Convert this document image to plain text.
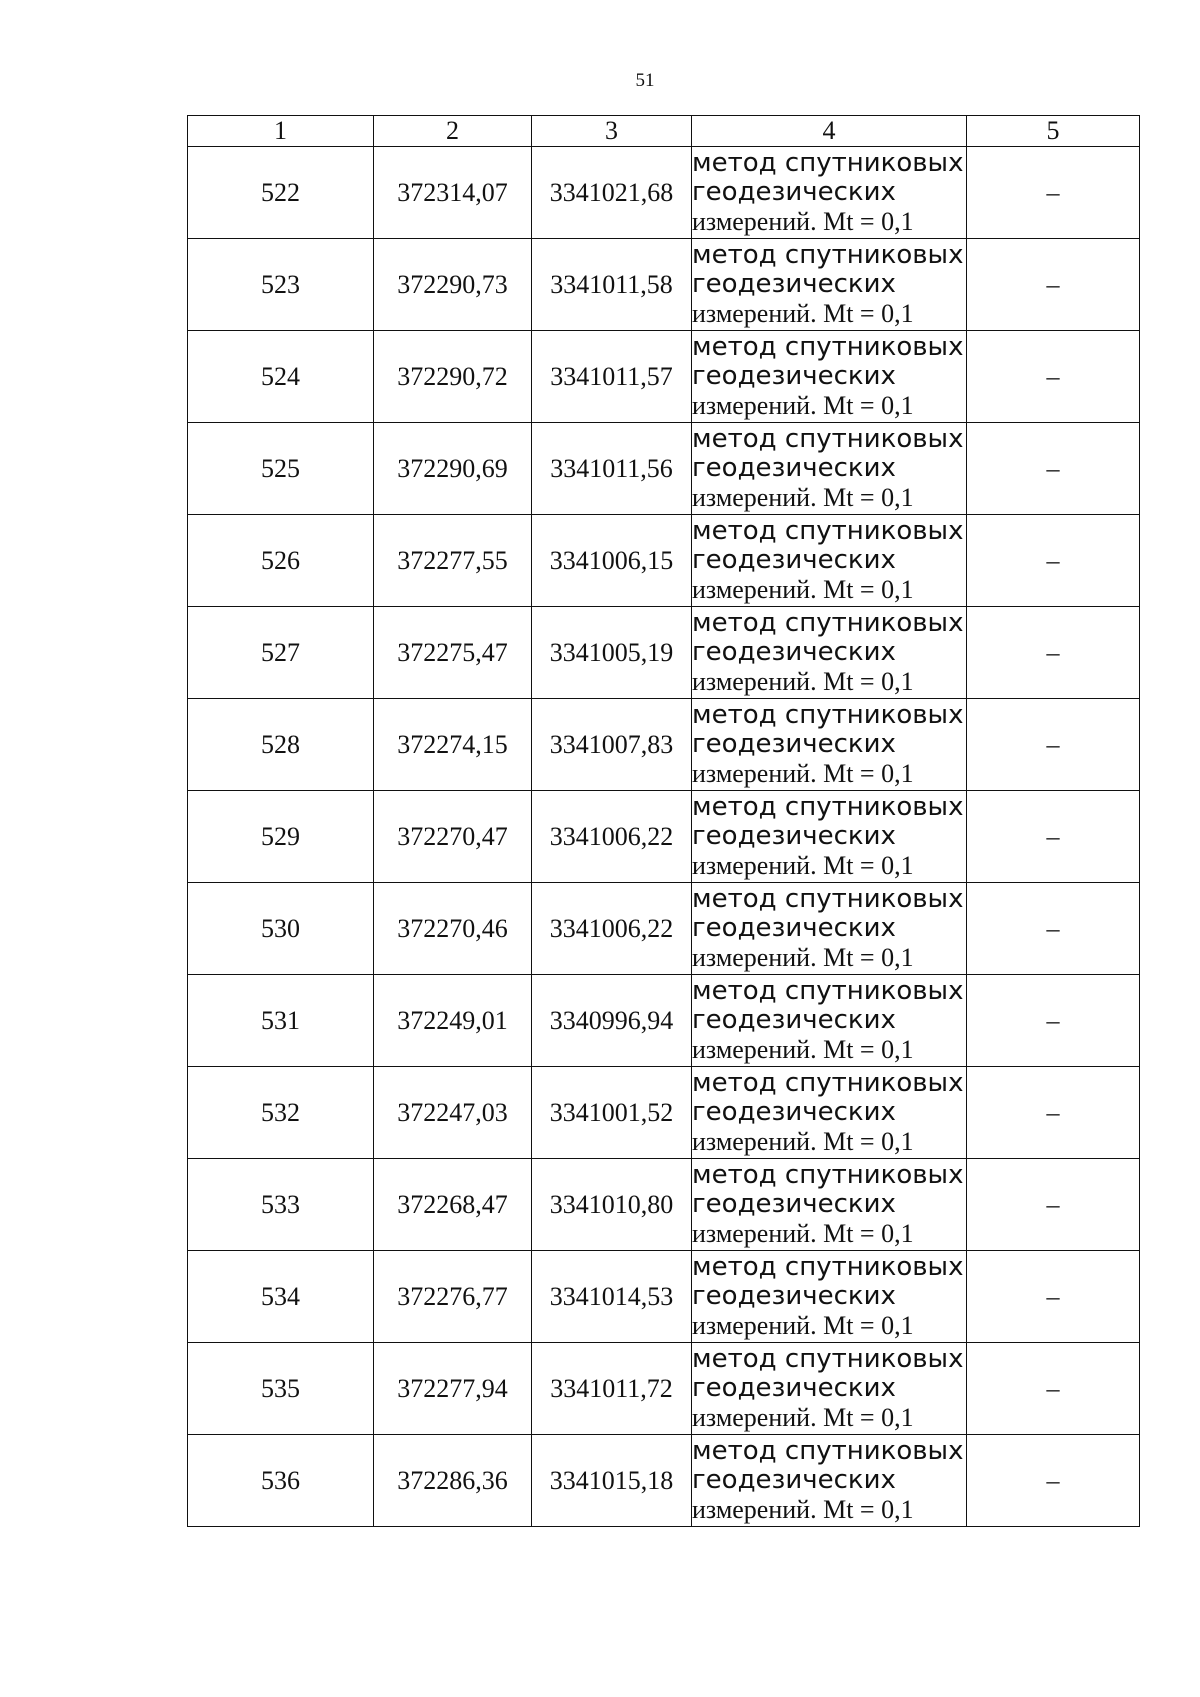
51
1	2	3	4	5
522	372314,07	3341021,68	метод спутниковых
геодезических
измерений. Mt = 0,1	–
523	372290,73	3341011,58	метод спутниковых
геодезических
измерений. Mt = 0,1	–
524	372290,72	3341011,57	метод спутниковых
геодезических
измерений. Mt = 0,1	–
525	372290,69	3341011,56	метод спутниковых
геодезических
измерений. Mt = 0,1	–
526	372277,55	3341006,15	метод спутниковых
геодезических
измерений. Mt = 0,1	–
527	372275,47	3341005,19	метод спутниковых
геодезических
измерений. Mt = 0,1	–
528	372274,15	3341007,83	метод спутниковых
геодезических
измерений. Mt = 0,1	–
529	372270,47	3341006,22	метод спутниковых
геодезических
измерений. Mt = 0,1	–
530	372270,46	3341006,22	метод спутниковых
геодезических
измерений. Mt = 0,1	–
531	372249,01	3340996,94	метод спутниковых
геодезических
измерений. Mt = 0,1	–
532	372247,03	3341001,52	метод спутниковых
геодезических
измерений. Mt = 0,1	–
533	372268,47	3341010,80	метод спутниковых
геодезических
измерений. Mt = 0,1	–
534	372276,77	3341014,53	метод спутниковых
геодезических
измерений. Mt = 0,1	–
535	372277,94	3341011,72	метод спутниковых
геодезических
измерений. Mt = 0,1	–
536	372286,36	3341015,18	метод спутниковых
геодезических
измерений. Mt = 0,1	–
